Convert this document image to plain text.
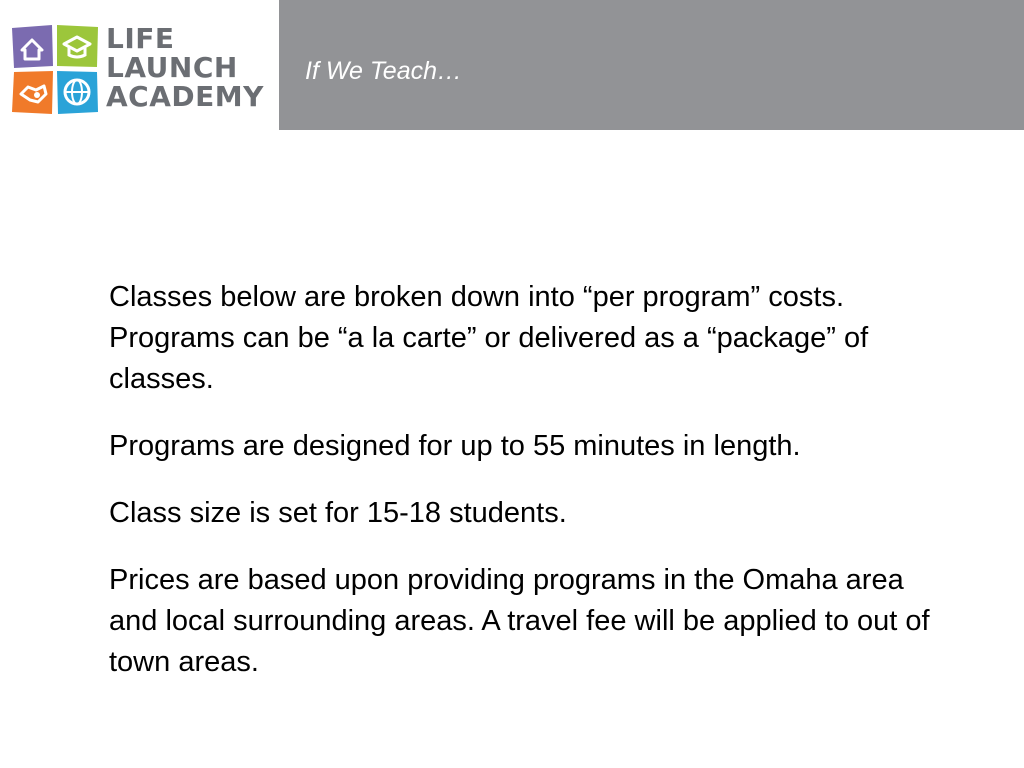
LIFE
LAUNCH
ACADEMY
If We Teach…

Classes below are broken down into “per program” costs. Programs can be “a la carte” or delivered as a “package” of classes.

Programs are designed for up to 55 minutes in length.

Class size is set for 15-18 students.

Prices are based upon providing programs in the Omaha area and local surrounding areas. A travel fee will be applied to out of town areas.
